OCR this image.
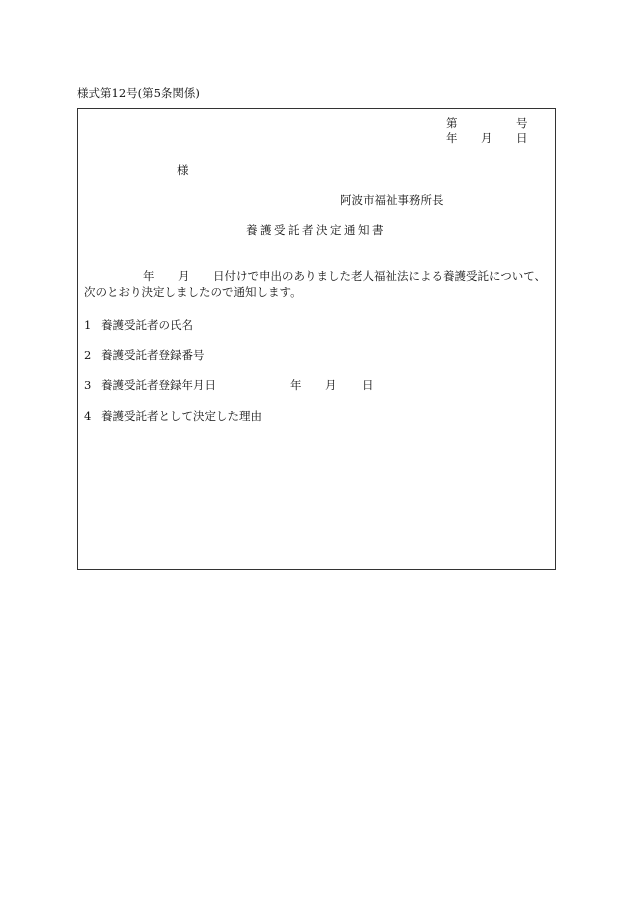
様式第12号(第5条関係)
第	号
年 月 日
様
阿波市福祉事務所長
養護受託者決定通知書
年 月 日付けで申出のありました老人福祉法による養護受託について、
次のとおり決定しましたので通知します。
1 養護受託者の氏名
2 養護受託者登録番号
3 養護受託者登録年月日	年 月 日
4 養護受託者として決定した理由
